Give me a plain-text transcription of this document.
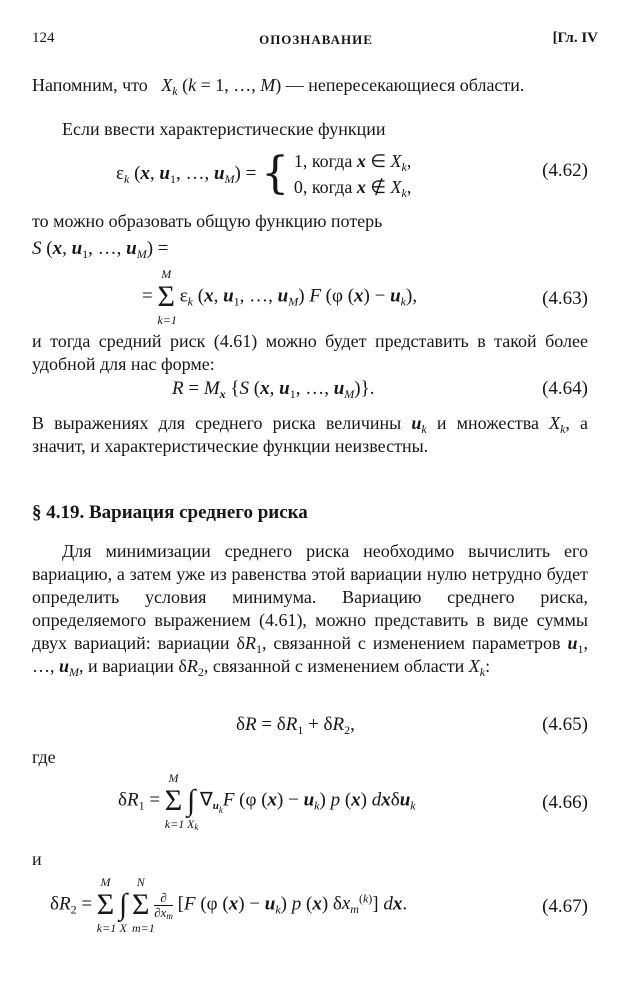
124	ОПОЗНАВАНИЕ	[Гл. IV
Напомним, что $X_k$ (k = 1, …, M) — непересекающиеся области.
Если ввести характеристические функции
$\varepsilon_k$ (x, $u_1$, …, $u_M$) = { 1, когда x ∈ $X_k$,
0, когда x ∉ $X_k$,
(4.62)
то можно образовать общую функцию потерь
S (x, $u_1$, …, $u_M$) =
= Σ
M
k=1
$\varepsilon_k$ (x, $u_1$, …, $u_M$) F (φ $(x) - u_k$),	(4.63)
и тогда средний риск (4.61) можно будет представить в такой более удобной для нас форме:
$R = M_x$ {S (x, $u_1$, …, $u_M$)}.	(4.64)
В выражениях для среднего риска величины $u_k$ и множества $X_k$, а значит, и характеристические функции неизвестны.
§ 4.19. Вариация среднего риска
Для минимизации среднего риска необходимо вычислить его вариацию, а затем уже из равенства этой вариации нулю нетрудно будет определить условия минимума. Вариацию среднего риска, определяемого выражением (4.61), можно представить в виде суммы двух вариаций: вариации $\delta R_1$, связанной с изменением параметров $u_1$, …, $u_M$, и вариации $\delta R_2$, связанной с изменением области $X_k$:
$\delta R = \delta R_1 + \delta R_2$,	(4.65)
где
$\delta R_1 = \Sigma$
M
k=1
∫
$X_k$
$\nabla_{u_k}F$ (φ $(x) - u_k$) p (x) dxδu$_k$	(4.66)
и
$\delta R_2 = \Sigma$
M
k=1
∫
X
Σ
N
m=1

$\frac{\partial}{\partial x_m} [F$ (φ $(x) - u_k$) p (x) $\delta x_m^{(k)}$] dx.	(4.67)
